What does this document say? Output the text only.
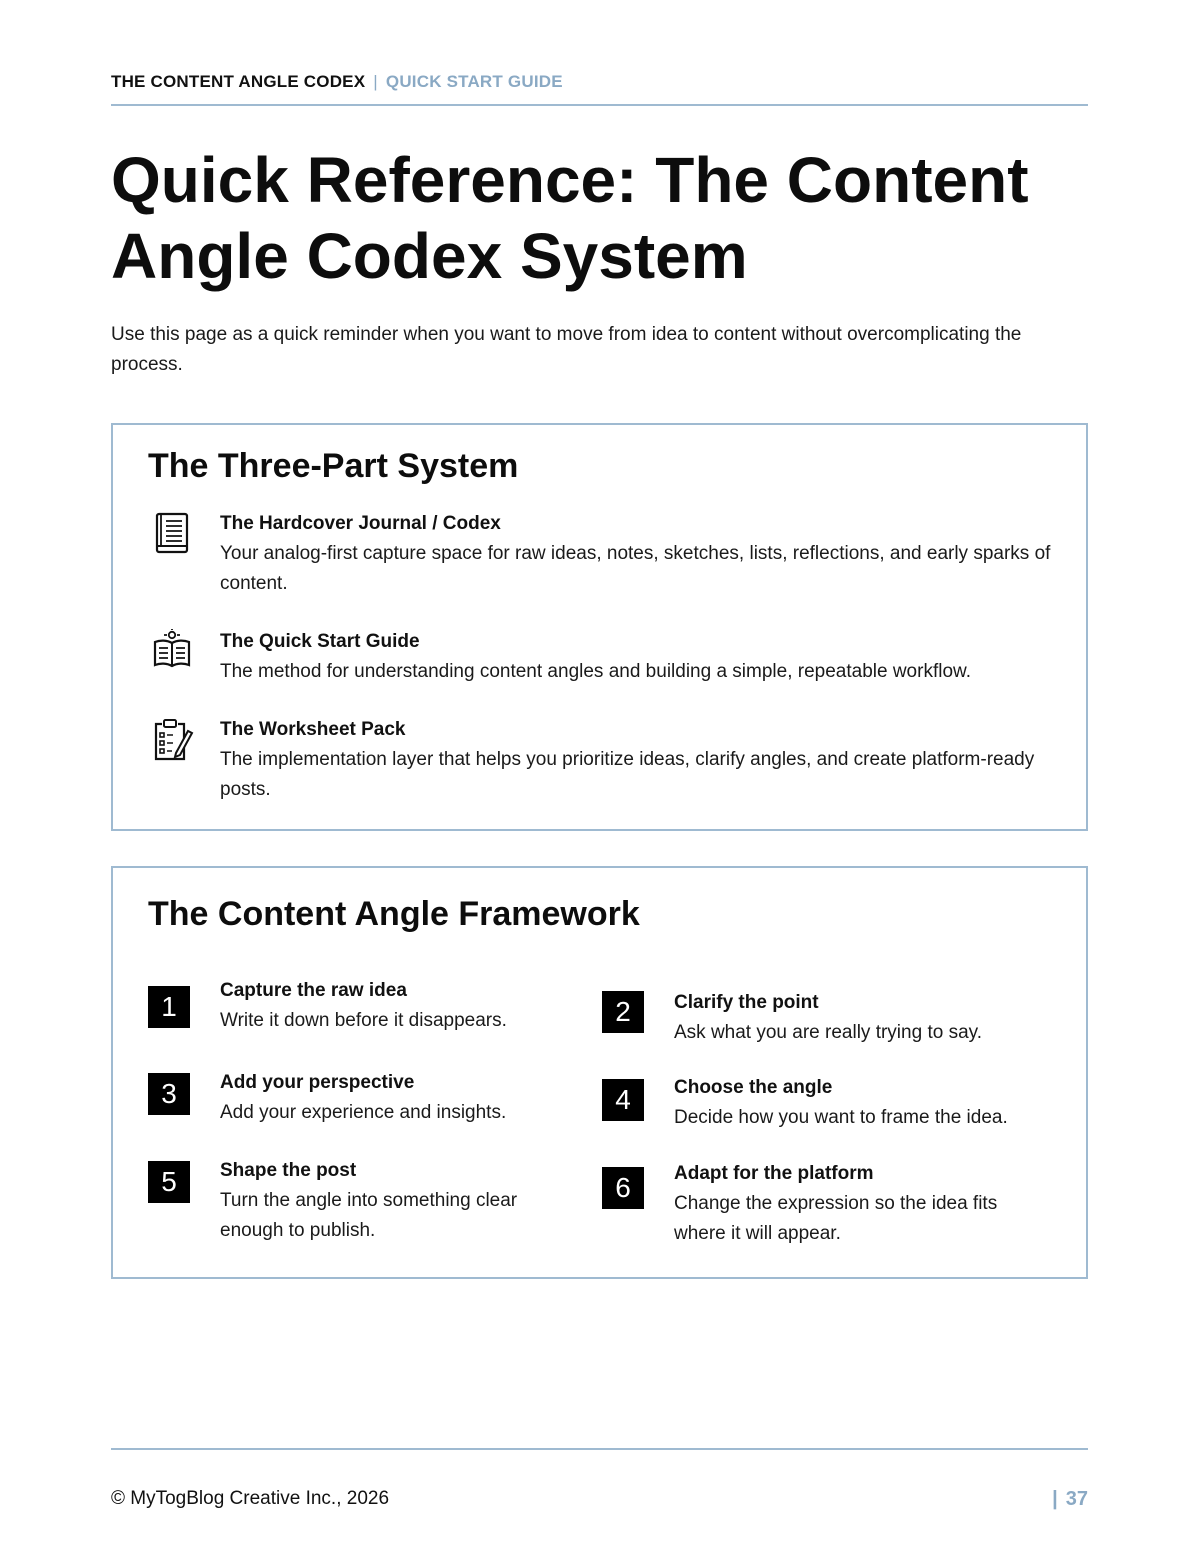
THE CONTENT ANGLE CODEX | QUICK START GUIDE
Quick Reference: The Content
Angle Codex System

Use this page as a quick reminder when you want to move from idea to content without overcomplicating the process.

The Three-Part System
The Hardcover Journal / Codex
Your analog-first capture space for raw ideas, notes, sketches, lists, reflections, and early sparks of content.
The Quick Start Guide
The method for understanding content angles and building a simple, repeatable workflow.
The Worksheet Pack
The implementation layer that helps you prioritize ideas, clarify angles, and create platform-ready posts.
The Content Angle Framework
1
Capture the raw idea
Write it down before it disappears.	2	Clarify the point
Ask what you are really trying to say.
3	Add your perspective
Add your experience and insights.	4	Choose the angle
Decide how you want to frame the idea.
5	Shape the post
Turn the angle into something clear enough to publish.
6	Adapt for the platform
Change the expression so the idea fits where it will appear.
© MyTogBlog Creative Inc., 2026	| 37
